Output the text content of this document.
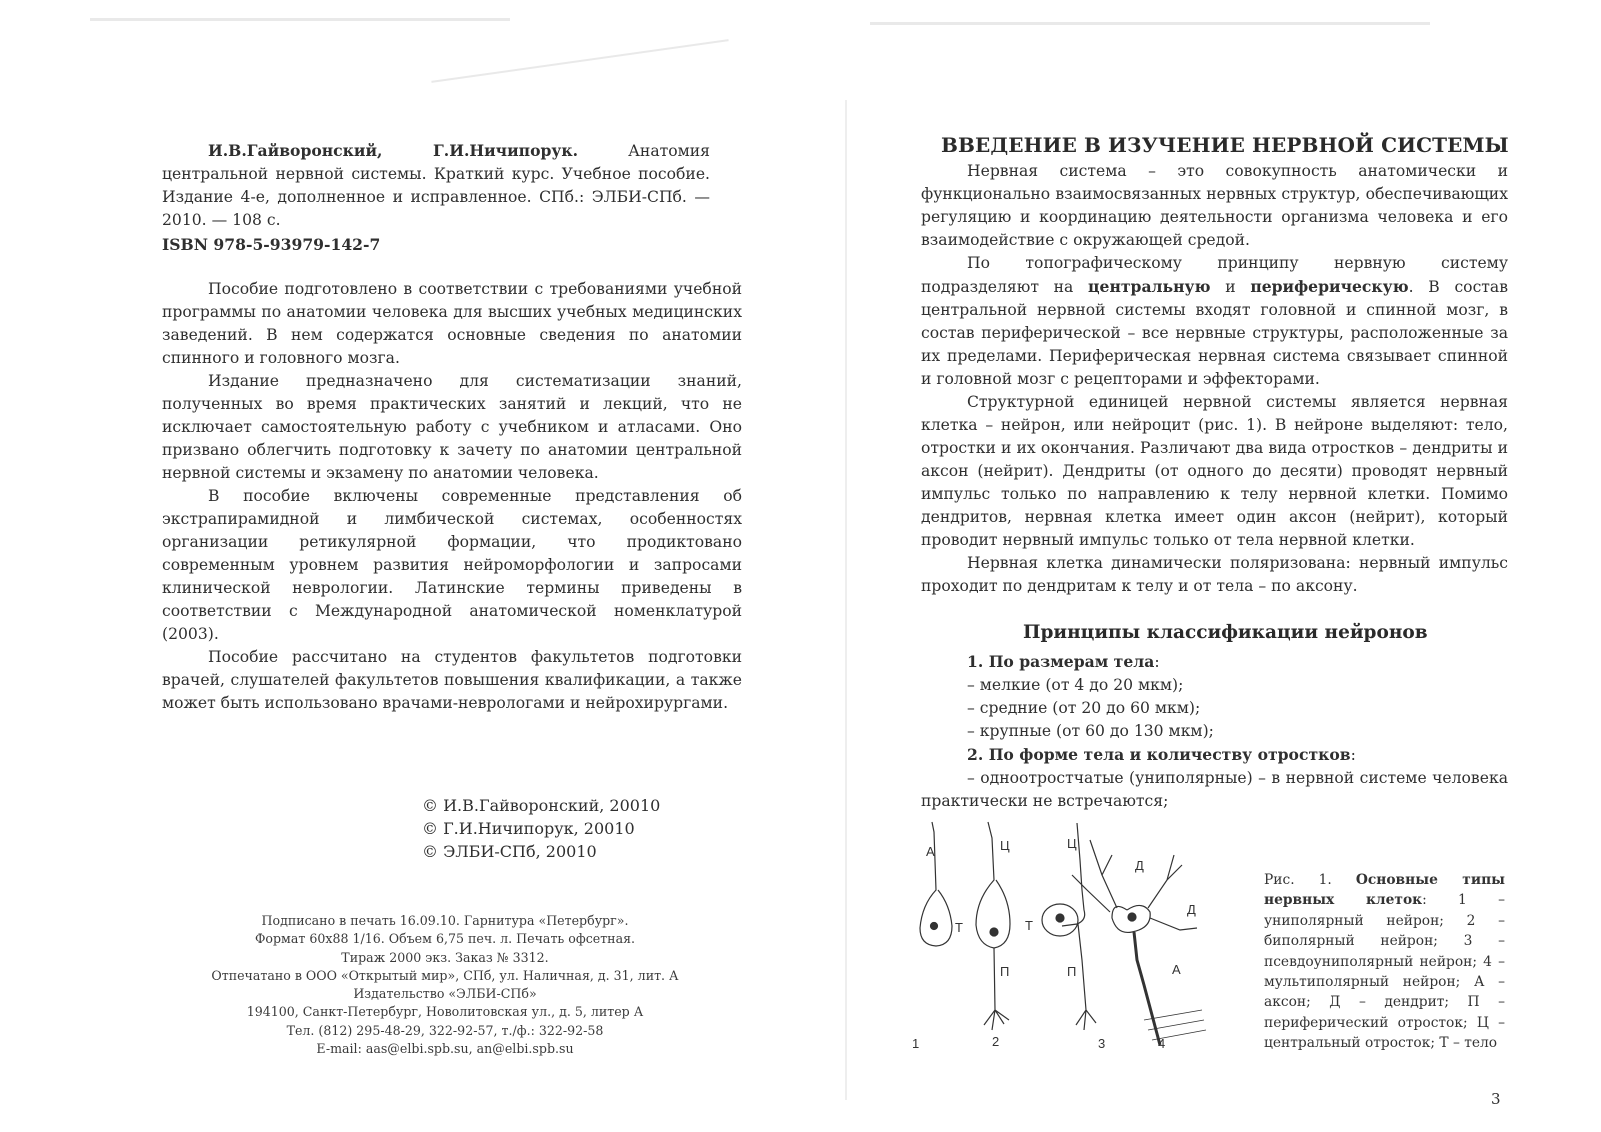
И.В.Гайворонский, Г.И.Ничипорук. Анатомия центральной нервной системы. Краткий курс. Учебное пособие. Издание 4-е, дополненное и исправленное. СПб.: ЭЛБИ-СПб. — 2010. — 108 с.

ISBN 978-5-93979-142-7

Пособие подготовлено в соответствии с требованиями учебной программы по анатомии человека для высших учебных медицинских заведений. В нем содержатся основные сведения по анатомии спинного и головного мозга.

Издание предназначено для систематизации знаний, полученных во время практических занятий и лекций, что не исключает самостоятельную работу с учебником и атласами. Оно призвано облегчить подготовку к зачету по анатомии центральной нервной системы и экзамену по анатомии человека.

В пособие включены современные представления об экстрапирамидной и лимбической системах, особенностях организации ретикулярной формации, что продиктовано современным уровнем развития нейроморфологии и запросами клинической неврологии. Латинские термины приведены в соответствии с Международной анатомической номенклатурой (2003).

Пособие рассчитано на студентов факультетов подготовки врачей, слушателей факультетов повышения квалификации, а также может быть использовано врачами-неврологами и нейрохирургами.

© И.В.Гайворонский, 20010
© Г.И.Ничипорук, 20010
© ЭЛБИ-СПб, 20010
Подписано в печать 16.09.10. Гарнитура «Петербург».
Формат 60х88 1/16. Объем 6,75 печ. л. Печать офсетная.
Тираж 2000 экз. Заказ № 3312.
Отпечатано в ООО «Открытый мир», СПб, ул. Наличная, д. 31, лит. А
Издательство «ЭЛБИ-СПб»
194100, Санкт-Петербург, Новолитовская ул., д. 5, литер А
Тел. (812) 295-48-29, 322-92-57, т./ф.: 322-92-58
E-mail: aas@elbi.spb.su, an@elbi.spb.su
ВВЕДЕНИЕ В ИЗУЧЕНИЕ НЕРВНОЙ СИСТЕМЫ

Нервная система – это совокупность анатомически и функционально взаимосвязанных нервных структур, обеспечивающих регуляцию и координацию деятельности организма человека и его взаимодействие с окружающей средой.

По топографическому принципу нервную систему подразделяют на центральную и периферическую. В состав центральной нервной системы входят головной и спинной мозг, в состав периферической – все нервные структуры, расположенные за их пределами. Периферическая нервная система связывает спинной и головной мозг с рецепторами и эффекторами.

Структурной единицей нервной системы является нервная клетка – нейрон, или нейроцит (рис. 1). В нейроне выделяют: тело, отростки и их окончания. Различают два вида отростков – дендриты и аксон (нейрит). Дендриты (от одного до десяти) проводят нервный импульс только по направлению к телу нервной клетки. Помимо дендритов, нервная клетка имеет один аксон (нейрит), который проводит нервный импульс только от тела нервной клетки.

Нервная клетка динамически поляризована: нервный импульс проходит по дендритам к телу и от тела – по аксону.

Принципы классификации нейронов

1. По размерам тела:

– мелкие (от 4 до 20 мкм);

– средние (от 20 до 60 мкм);

– крупные (от 60 до 130 мкм);

2. По форме тела и количеству отростков:

– одноотростчатые (униполярные) – в нервной системе человека практически не встречаются;

А
Т
Ц
Т
П
Ц
П
Д
Д
А
1	2	3	4

Рис. 1. Основные типы нервных клеток: 1 – униполярный нейрон; 2 – биполярный нейрон; 3 – псевдоуниполярный нейрон; 4 – мультиполярный нейрон; А – аксон; Д – дендрит; П – периферический отросток; Ц – центральный отросток; Т – тело

3
